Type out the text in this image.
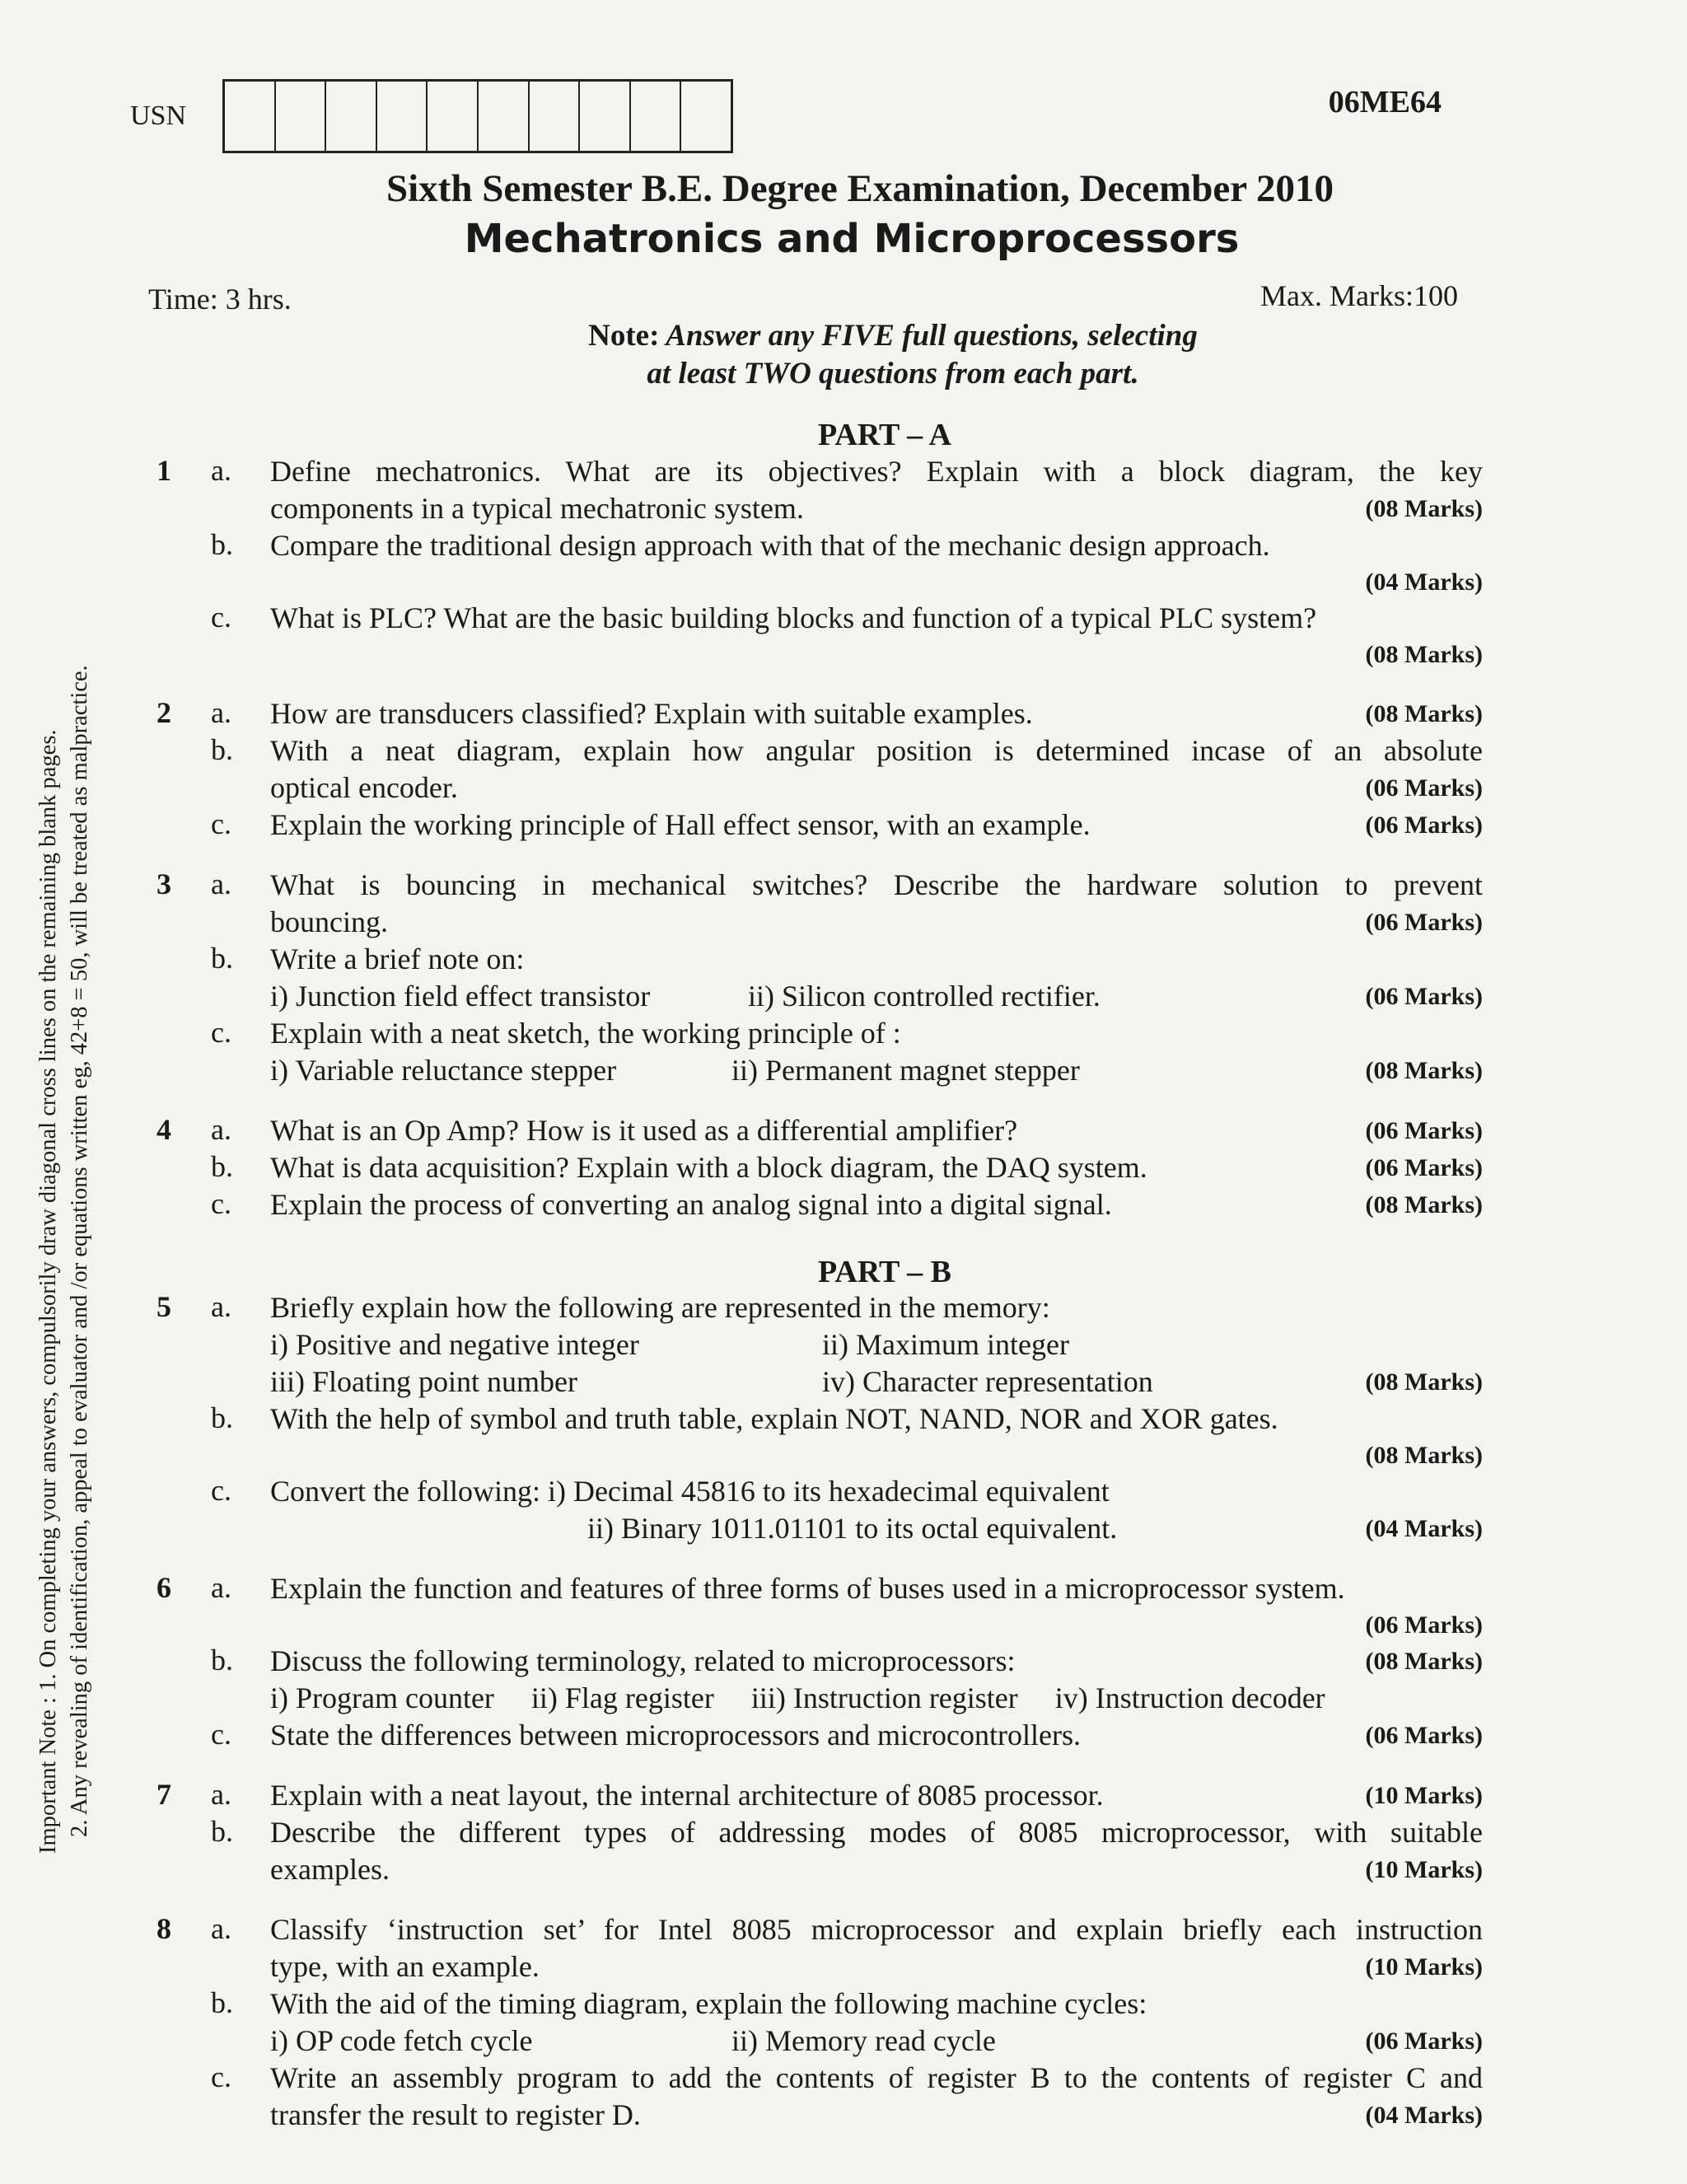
USN	06ME64
Sixth Semester B.E. Degree Examination, December 2010
Mechatronics and Microprocessors
Time: 3 hrs.	Max. Marks:100
Note: Answer any FIVE full questions, selecting
at least TWO questions from each part.
PART – A
PART – B
Important Note : 1. On completing your answers, compulsorily draw diagonal cross lines on the remaining blank pages. 2. Any revealing of identification, appeal to evaluator and /or equations written eg, 42+8 = 50, will be treated as malpractice.
1	a.	Define mechatronics. What are its objectives? Explain with a block diagram, the key
components in a typical mechatronic system.	(08 Marks)
b.	Compare the traditional design approach with that of the mechanic design approach.
(04 Marks)
c.	What is PLC? What are the basic building blocks and function of a typical PLC system?
(08 Marks)
2	a.	How are transducers classified? Explain with suitable examples.	(08 Marks)
b.	With a neat diagram, explain how angular position is determined incase of an absolute
optical encoder.	(06 Marks)
c.	Explain the working principle of Hall effect sensor, with an example.	(06 Marks)
3	a.	What is bouncing in mechanical switches? Describe the hardware solution to prevent
bouncing.	(06 Marks)
b.	Write a brief note on:
i) Junction field effect transistor	ii) Silicon controlled rectifier.	(06 Marks)
c.	Explain with a neat sketch, the working principle of :
i) Variable reluctance stepper	ii) Permanent magnet stepper	(08 Marks)
4	a.	What is an Op Amp? How is it used as a differential amplifier?	(06 Marks)
b.	What is data acquisition? Explain with a block diagram, the DAQ system.	(06 Marks)
c.	Explain the process of converting an analog signal into a digital signal.	(08 Marks)
5	a.	Briefly explain how the following are represented in the memory:
i) Positive and negative integer	ii) Maximum integer
iii) Floating point number	iv) Character representation	(08 Marks)
b.	With the help of symbol and truth table, explain NOT, NAND, NOR and XOR gates.
(08 Marks)
c.	Convert the following: i) Decimal 45816 to its hexadecimal equivalent
ii) Binary 1011.01101 to its octal equivalent.	(04 Marks)
6	a.	Explain the function and features of three forms of buses used in a microprocessor system.
(06 Marks)
b.	Discuss the following terminology, related to microprocessors:	(08 Marks)
i) Program counter     ii) Flag register     iii) Instruction register     iv) Instruction decoder
c.	State the differences between microprocessors and microcontrollers.	(06 Marks)
7	a.	Explain with a neat layout, the internal architecture of 8085 processor.	(10 Marks)
b.	Describe the different types of addressing modes of 8085 microprocessor, with suitable
examples.	(10 Marks)
8	a.	Classify ‘instruction set’ for Intel 8085 microprocessor and explain briefly each instruction
type, with an example.	(10 Marks)
b.	With the aid of the timing diagram, explain the following machine cycles:
i) OP code fetch cycle	ii) Memory read cycle	(06 Marks)
c.	Write an assembly program to add the contents of register B to the contents of register C and
transfer the result to register D.	(04 Marks)
